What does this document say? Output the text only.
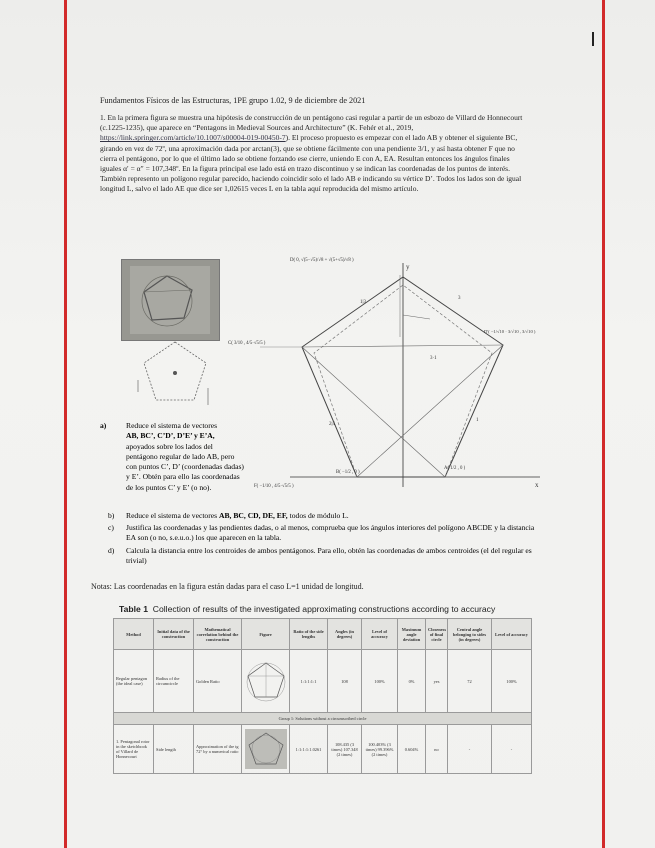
Fundamentos Físicos de las Estructuras, 1PE grupo 1.02, 9 de diciembre de 2021
1. En la primera figura se muestra una hipótesis de construcción de un pentágono casi regular a partir de un esbozo de Villard de Honnecourt (c.1225-1235), que aparece en “Pentagons in Medieval Sources and Architecture” (K. Fehér et al., 2019, https://link.springer.com/article/10.1007/s00004-019-00450-7). El proceso propuesto es empezar con el lado AB y obtener el siguiente BC, girando en vez de 72º, una aproximación dada por arctan(3), que se obtiene fácilmente con una pendiente 3/1, y así hasta obtener F que no cierra el pentágono, por lo que el último lado se obtiene forzando ese cierre, uniendo E con A, EA. Resultan entonces los ángulos finales iguales α′ = α″ = 107,348º. En la figura principal ese lado está en trazo discontinuo y se indican las coordenadas de los puntos de interés. También represento un polígono regular parecido, haciendo coincidir solo el lado AB e indicando su vértice D’. Todos los lados son de igual longitud L, salvo el lado AE que dice ser 1,02615 veces L en la tabla aquí reproducida del mismo artículo.
y
x
1|3
3
2|4
1
3·1
D( 0, √(5−√5)/√8 + √(5+√5)/√8 )
D'( −1/√10 · 3/√10 , 3/√10 )
C( 3/10 , 4/5·√5/5 )
A( 1/2 , 0 )
F( −1/10 , 4/5·√5/5 )
B( −1/2 , 0 )
a)	Reduce el sistema de vectores
AB, BC’, C’D’, D’E’ y E’A,
apoyados sobre los lados del pentágono regular de lado AB, pero con puntos C’, D’ (coordenadas dadas) y E’. Obtén para ello las coordenadas de los puntos C’ y E’ (o no).
b) Reduce el sistema de vectores AB, BC, CD, DE, EF, todos de módulo L.
c) Justifica las coordenadas y las pendientes dadas, o al menos, comprueba que los ángulos interiores del polígono ABCDE y la distancia EA son (o no, s.e.u.o.) los que aparecen en la tabla.
d) Calcula la distancia entre los centroides de ambos pentágonos. Para ello, obtén las coordenadas de ambos centroides (el del regular es trivial)
Notas: Las coordenadas en la figura están dadas para el caso L=1 unidad de longitud.
Table 1 Collection of results of the investigated approximating constructions according to accuracy
Method	Initial data of the construction	Mathematical correlation behind the construction	Figure	Ratio of the side lengths	Angles (in degrees)	Level of accuracy	Maximum angle deviation	Closeness of final circle	Central angle belonging to sides (in degrees)	Level of accuracy
Regular pentagon (the ideal case)	Radius of the circumcircle	Golden Ratio		1:1:1:1:1	108	100%	0%	yes	72	100%
Group 1: Solutions without a circumscribed circle										
1. Pentagonal rotor in the sketchbook of Villard de Honnecourt	Side length	Approximation of the tg 72° by a numerical ratio		1:1:1:1:1.0261	108.435 (3 times) 107.348 (2 times)	100.403% (3 times) 99.396% (2 times)	0.604%	no	-	-
